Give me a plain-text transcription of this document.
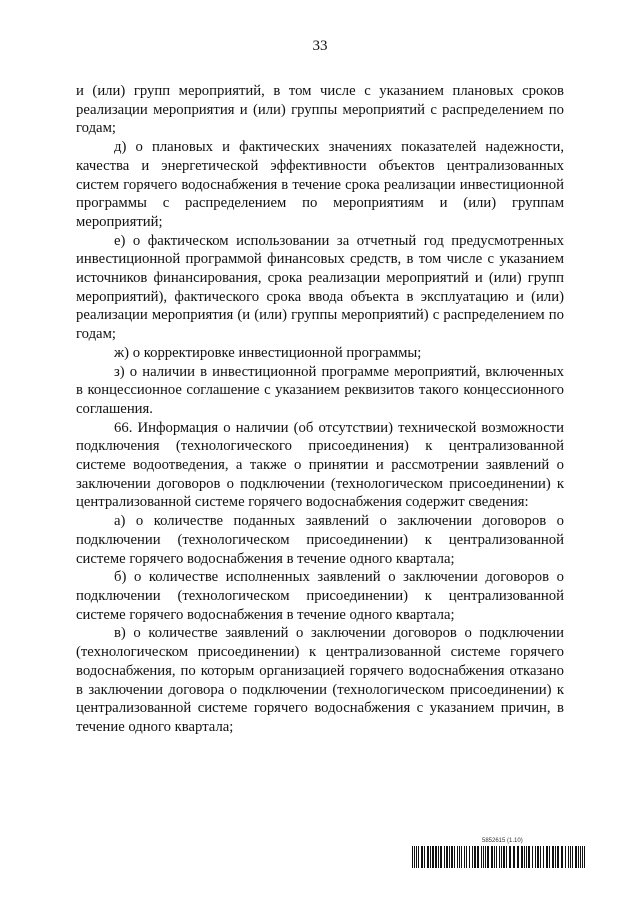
33

и (или) групп мероприятий, в том числе с указанием плановых сроков реализации мероприятия и (или) группы мероприятий с распределением по годам;

д) о плановых и фактических значениях показателей надежности, качества и энергетической эффективности объектов централизованных систем горячего водоснабжения в течение срока реализации инвестиционной программы с распределением по мероприятиям и (или) группам мероприятий;

е) о фактическом использовании за отчетный год предусмотренных инвестиционной программой финансовых средств, в том числе с указанием источников финансирования, срока реализации мероприятий и (или) групп мероприятий), фактического срока ввода объекта в эксплуатацию и (или) реализации мероприятия (и (или) группы мероприятий) с распределением по годам;

ж) о корректировке инвестиционной программы;

з) о наличии в инвестиционной программе мероприятий, включенных в концессионное соглашение с указанием реквизитов такого концессионного соглашения.

66. Информация о наличии (об отсутствии) технической возможности подключения (технологического присоединения) к централизованной системе водоотведения, а также о принятии и рассмотрении заявлений о заключении договоров о подключении (технологическом присоединении) к централизованной системе горячего водоснабжения содержит сведения:

а) о количестве поданных заявлений о заключении договоров о подключении (технологическом присоединении) к централизованной системе горячего водоснабжения в течение одного квартала;

б) о количестве исполненных заявлений о заключении договоров о подключении (технологическом присоединении) к централизованной системе горячего водоснабжения в течение одного квартала;

в) о количестве заявлений о заключении договоров о подключении (технологическом присоединении) к централизованной системе горячего водоснабжения, по которым организацией горячего водоснабжения отказано в заключении договора о подключении (технологическом присоединении) к централизованной системе горячего водоснабжения с указанием причин, в течение одного квартала;

5852615 (1.10)
